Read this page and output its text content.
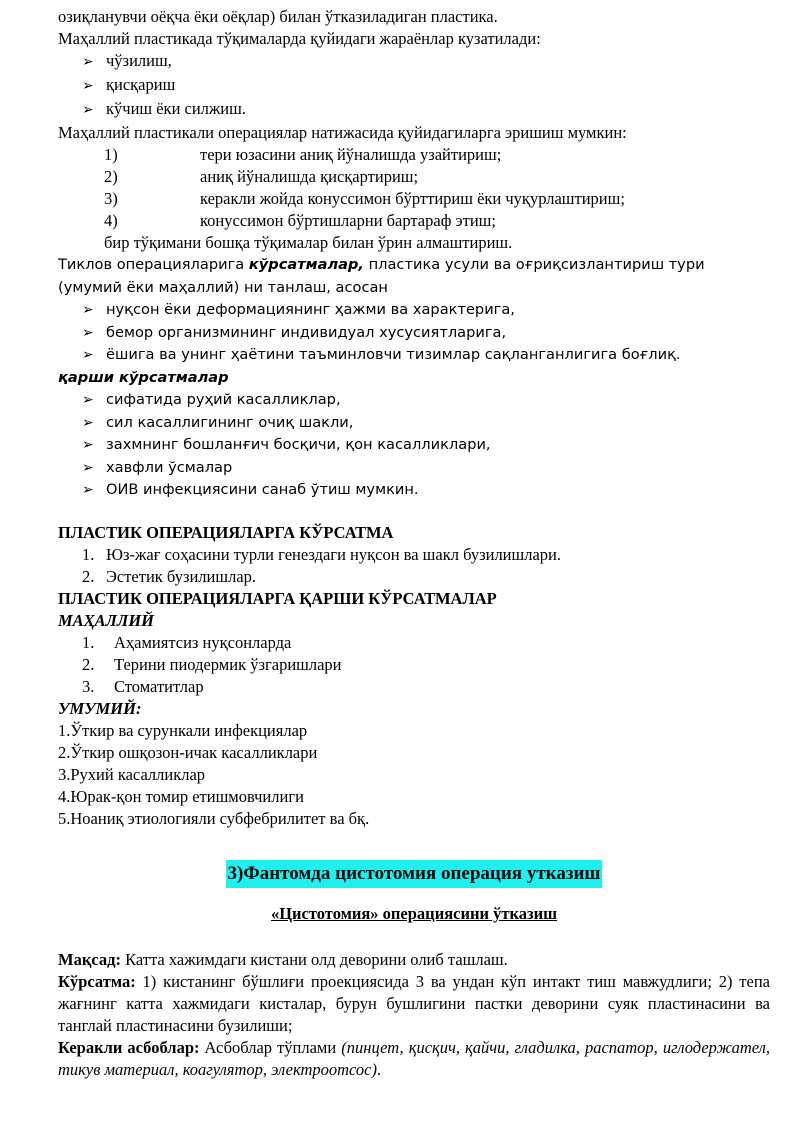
озиқланувчи оёқча ёки оёқлар) билан ўтказиладиган пластика.

Маҳаллий пластикада тўқималарда қуйидаги жараёнлар кузатилади:

➢ чўзилиш,
➢ қисқариш
➢ кўчиш ёки силжиш.

Маҳаллий пластикали операциялар натижасида қуйидагиларга эришиш мумкин:

1)	тери юзасини аниқ йўналишда узайтириш;
2)	аниқ йўналишда қисқартириш;
3)	керакли жойда конуссимон бўрттириш ёки чуқурлаштириш;
4)	конуссимон бўртишларни бартараф этиш;

бир тўқимани бошқа тўқималар билан ўрин алмаштириш.

Тиклов операцияларига кўрсатмалар, пластика усули ва оғриқсизлантириш тури (умумий ёки маҳаллий) ни танлаш, асосан

➢ нуқсон ёки деформациянинг ҳажми ва характерига,
➢ бемор организмининг индивидуал хусусиятларига,
➢ ёшига ва унинг ҳаётини таъминловчи тизимлар сақланганлигига боғлиқ.

қарши кўрсатмалар

➢ сифатида руҳий касалликлар,
➢ сил касаллигининг очиқ шакли,
➢ захмнинг бошланғич босқичи, қон касалликлари,
➢ хавфли ўсмалар
➢ ОИВ инфекциясини санаб ўтиш мумкин.

ПЛАСТИК ОПЕРАЦИЯЛАРГА КЎРСАТМА

1. Юз-жағ соҳасини турли генездаги нуқсон ва шакл бузилишлари.
2. Эстетик бузилишлар.

ПЛАСТИК ОПЕРАЦИЯЛАРГА ҚАРШИ КЎРСАТМАЛАР

МАҲАЛЛИЙ

1.	Аҳамиятсиз нуқсонларда
2.	Терини пиодермик ўзгаришлари
3.	Стоматитлар

УМУМИЙ:

1.Ўткир ва сурункали инфекциялар

2.Ўткир ошқозон-ичак касалликлари

3.Рухий касалликлар

4.Юрак-қон томир етишмовчилиги

5.Ноаниқ этиологияли субфебрилитет ва бқ.

3)Фантомда цистотомия операция утказиш

«Цистотомия» операциясини ўтказиш

Мақсад: Катта хажимдаги кистани олд деворини олиб ташлаш.

Кўрсатма: 1) кистанинг бўшлиғи проекциясида 3 ва ундан кўп интакт тиш мавжудлиги; 2) тепа жағнинг катта хажмидаги кисталар, бурун бушлигини пастки деворини суяк пластинасини ва танглай пластинасини бузилиши;

Керакли асбоблар: Асбоблар тўплами (пинцет, қисқич, қайчи, гладилка, распатор, иглодержател, тикув материал, коагулятор, электроотсос).
